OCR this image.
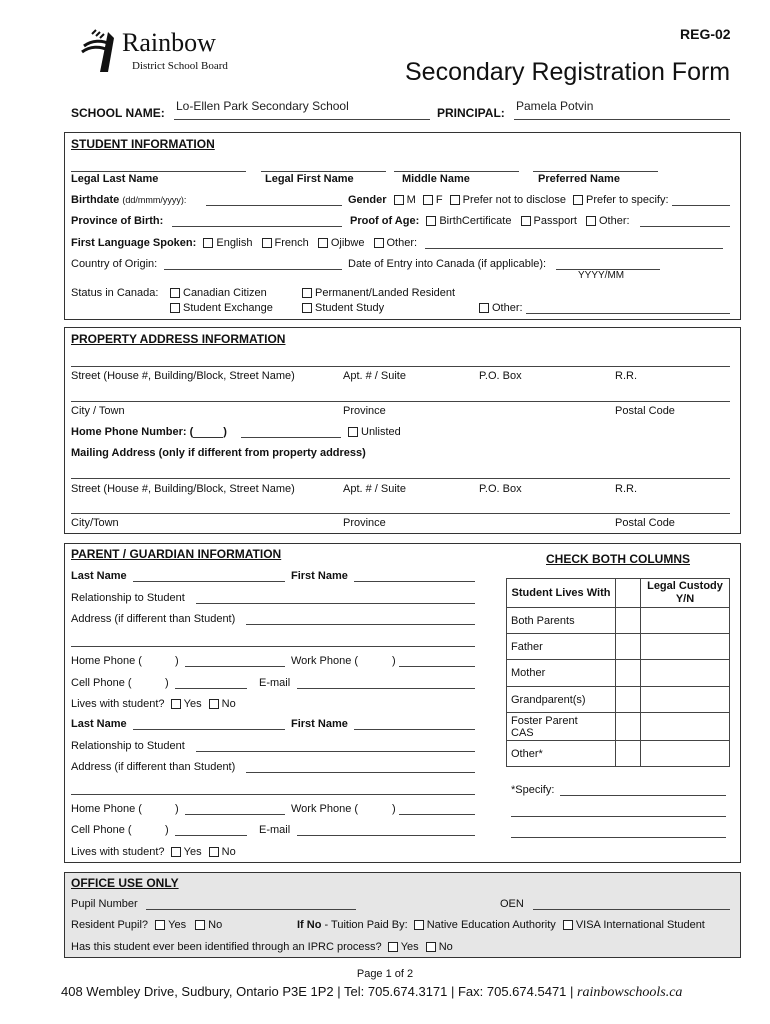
REG-02
Rainbow
District School Board	Secondary Registration Form
SCHOOL NAME: Lo-Ellen Park Secondary School	PRINCIPAL: Pamela Potvin
STUDENT INFORMATION
Legal Last Name	Legal First Name	Middle Name	Preferred Name
Birthdate (dd/mmm/yyyy):	Gender M F Prefer not to disclose Prefer to specify:
Province of Birth:	Proof of Age: BirthCertificate Passport Other:
First Language Spoken: English French Ojibwe Other:
Country of Origin:	Date of Entry into Canada (if applicable):
YYYY/MM
Status in Canada:	Canadian Citizen	Permanent/Landed Resident
Student Exchange	Student Study	Other:
PROPERTY ADDRESS INFORMATION
Street (House #, Building/Block, Street Name)	Apt. # / Suite	P.O. Box	R.R.
City / Town	Province	Postal Code
Home Phone Number: (	)	Unlisted
Mailing Address (only if different from property address)
Street (House #, Building/Block, Street Name)	Apt. # / Suite	P.O. Box	R.R.
City/Town	Province	Postal Code
PARENT / GUARDIAN INFORMATION
Last Name	First Name
Relationship to Student
Address (if different than Student)
Home Phone (	)	Work Phone (	)
Cell Phone (	)	E-mail
Lives with student? Yes No
Last Name	First Name
Relationship to Student
Address (if different than Student)
Home Phone (	)	Work Phone (	)
Cell Phone (	)	E-mail
Lives with student? Yes No
CHECK BOTH COLUMNS
Student Lives With		Legal Custody
Y/N
Both Parents		
Father		
Mother		
Grandparent(s)		
Foster Parent
CAS		
Other*		
*Specify:
OFFICE USE ONLY
Pupil Number	OEN
Resident Pupil? Yes No	If No - Tuition Paid By: Native Education Authority VISA International Student
Has this student ever been identified through an IPRC process? Yes No
Page 1 of 2
408 Wembley Drive, Sudbury, Ontario P3E 1P2 | Tel: 705.674.3171 | Fax: 705.674.5471 | rainbowschools.ca
